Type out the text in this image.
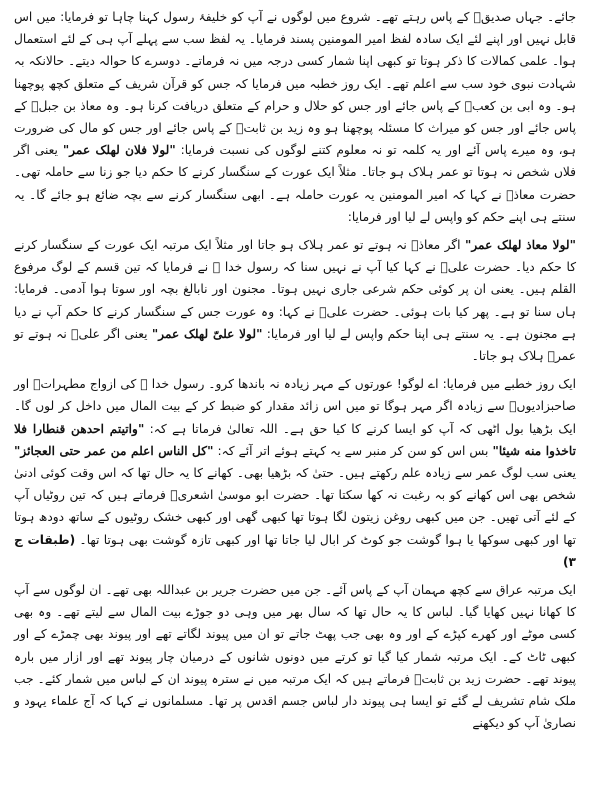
جائے۔ جہاں صدیقؓ کے پاس رہتے تھے۔ شروع میں لوگوں نے آپ کو خلیفۂ رسول کہنا چاہا تو فرمایا: میں اس قابل نہیں اور اپنے لئے ایک سادہ لفظ امیر المومنین پسند فرمایا۔ یہ لفظ سب سے پہلے آپ ہی کے لئے استعمال ہوا۔ علمی کمالات کا ذکر ہوتا تو کبھی اپنا شمار کسی درجہ میں نہ فرماتے۔ دوسرے کا حوالہ دیتے۔ حالانکہ بہ شہادت نبوی خود سب سے اعلم تھے۔ ایک روز خطبہ میں فرمایا کہ جس کو قرآن شریف کے متعلق کچھ پوچھنا ہو۔ وہ ابی بن کعبؓ کے پاس جائے اور جس کو حلال و حرام کے متعلق دریافت کرنا ہو۔ وہ معاذ بن جبلؓ کے پاس جائے اور جس کو میراث کا مسئلہ پوچھنا ہو وہ زید بن ثابتؓ کے پاس جائے اور جس کو مال کی ضرورت ہو، وہ میرے پاس آئے اور یہ کلمہ تو نہ معلوم کتنے لوگوں کی نسبت فرمایا: "لولا فلان لهلک عمر" یعنی اگر فلاں شخص نہ ہوتا تو عمر ہلاک ہو جاتا۔ مثلاً ایک عورت کے سنگسار کرنے کا حکم دیا جو زنا سے حاملہ تھی۔ حضرت معاذؓ نے کہا کہ امیر المومنین یہ عورت حاملہ ہے۔ ابھی سنگسار کرنے سے بچہ ضائع ہو جائے گا۔ یہ سنتے ہی اپنے حکم کو واپس لے لیا اور فرمایا:

"لولا معاذ لهلک عمر" اگر معاذؓ نہ ہوتے تو عمر ہلاک ہو جاتا اور مثلاً ایک مرتبہ ایک عورت کے سنگسار کرنے کا حکم دیا۔ حضرت علیؓ نے کہا کیا آپ نے نہیں سنا کہ رسول خدا ﷺ نے فرمایا کہ تین قسم کے لوگ مرفوع القلم ہیں۔ یعنی ان پر کوئی حکم شرعی جاری نہیں ہوتا۔ مجنون اور نابالغ بچہ اور سوتا ہوا آدمی۔ فرمایا: ہاں سنا تو ہے۔ پھر کیا بات ہوئی۔ حضرت علیؓ نے کہا: وہ عورت جس کے سنگسار کرنے کا حکم آپ نے دیا ہے مجنون ہے۔ یہ سنتے ہی اپنا حکم واپس لے لیا اور فرمایا: "لولا علیّ لهلک عمر" یعنی اگر علیؓ نہ ہوتے تو عمرؓ ہلاک ہو جاتا۔

ایک روز خطبے میں فرمایا: اے لوگو! عورتوں کے مہر زیادہ نہ باندھا کرو۔ رسول خدا ﷺ کی ازواج مطہراتؓ اور صاحبزادیوںؓ سے زیادہ اگر مہر ہوگا تو میں اس زائد مقدار کو ضبط کر کے بیت المال میں داخل کر لوں گا۔ ایک بڑھیا بول اٹھی کہ آپ کو ایسا کرنے کا کیا حق ہے۔ اللہ تعالیٰ فرماتا ہے کہ: "واتيتم احدهن قنطارا فلا تاخذوا منه شيئا" بس اس کو سن کر منبر سے یہ کہتے ہوئے اتر آئے کہ: "كل الناس اعلم من عمر حتى العجائز" یعنی سب لوگ عمر سے زیادہ علم رکھتے ہیں۔ حتیٰ کہ بڑھیا بھی۔ کھانے کا یہ حال تھا کہ اس وقت کوئی ادنیٰ شخص بھی اس کھانے کو بہ رغبت نہ کھا سکتا تھا۔ حضرت ابو موسیٰ اشعریؓ فرماتے ہیں کہ تین روٹیاں آپ کے لئے آتی تھیں۔ جن میں کبھی روغن زیتون لگا ہوتا تھا کبھی گھی اور کبھی خشک روٹیوں کے ساتھ دودھ ہوتا تھا اور کبھی سوکھا یا ہوا گوشت جو کوٹ کر ابال لیا جاتا تھا اور کبھی تازہ گوشت بھی ہوتا تھا۔ (طبقات ج ۳)

ایک مرتبہ عراق سے کچھ مہمان آپ کے پاس آئے۔ جن میں حضرت جریر بن عبداللہ بھی تھے۔ ان لوگوں سے آپ کا کھانا نہیں کھایا گیا۔ لباس کا یہ حال تھا کہ سال بھر میں وہی دو جوڑے بیت المال سے لیتے تھے۔ وہ بھی کسی موٹے اور کھرے کپڑے کے اور وہ بھی جب پھٹ جاتے تو ان میں پیوند لگاتے تھے اور پیوند بھی چمڑے کے اور کبھی ٹاٹ کے۔ ایک مرتبہ شمار کیا گیا تو کرتے میں دونوں شانوں کے درمیان چار پیوند تھے اور ازار میں بارہ پیوند تھے۔ حضرت زید بن ثابتؓ فرماتے ہیں کہ ایک مرتبہ میں نے سترہ پیوند ان کے لباس میں شمار کئے۔ جب ملک شام تشریف لے گئے تو ایسا ہی پیوند دار لباس جسم اقدس پر تھا۔ مسلمانوں نے کہا کہ آج علماء یہود و نصاریٰ آپ کو دیکھنے
